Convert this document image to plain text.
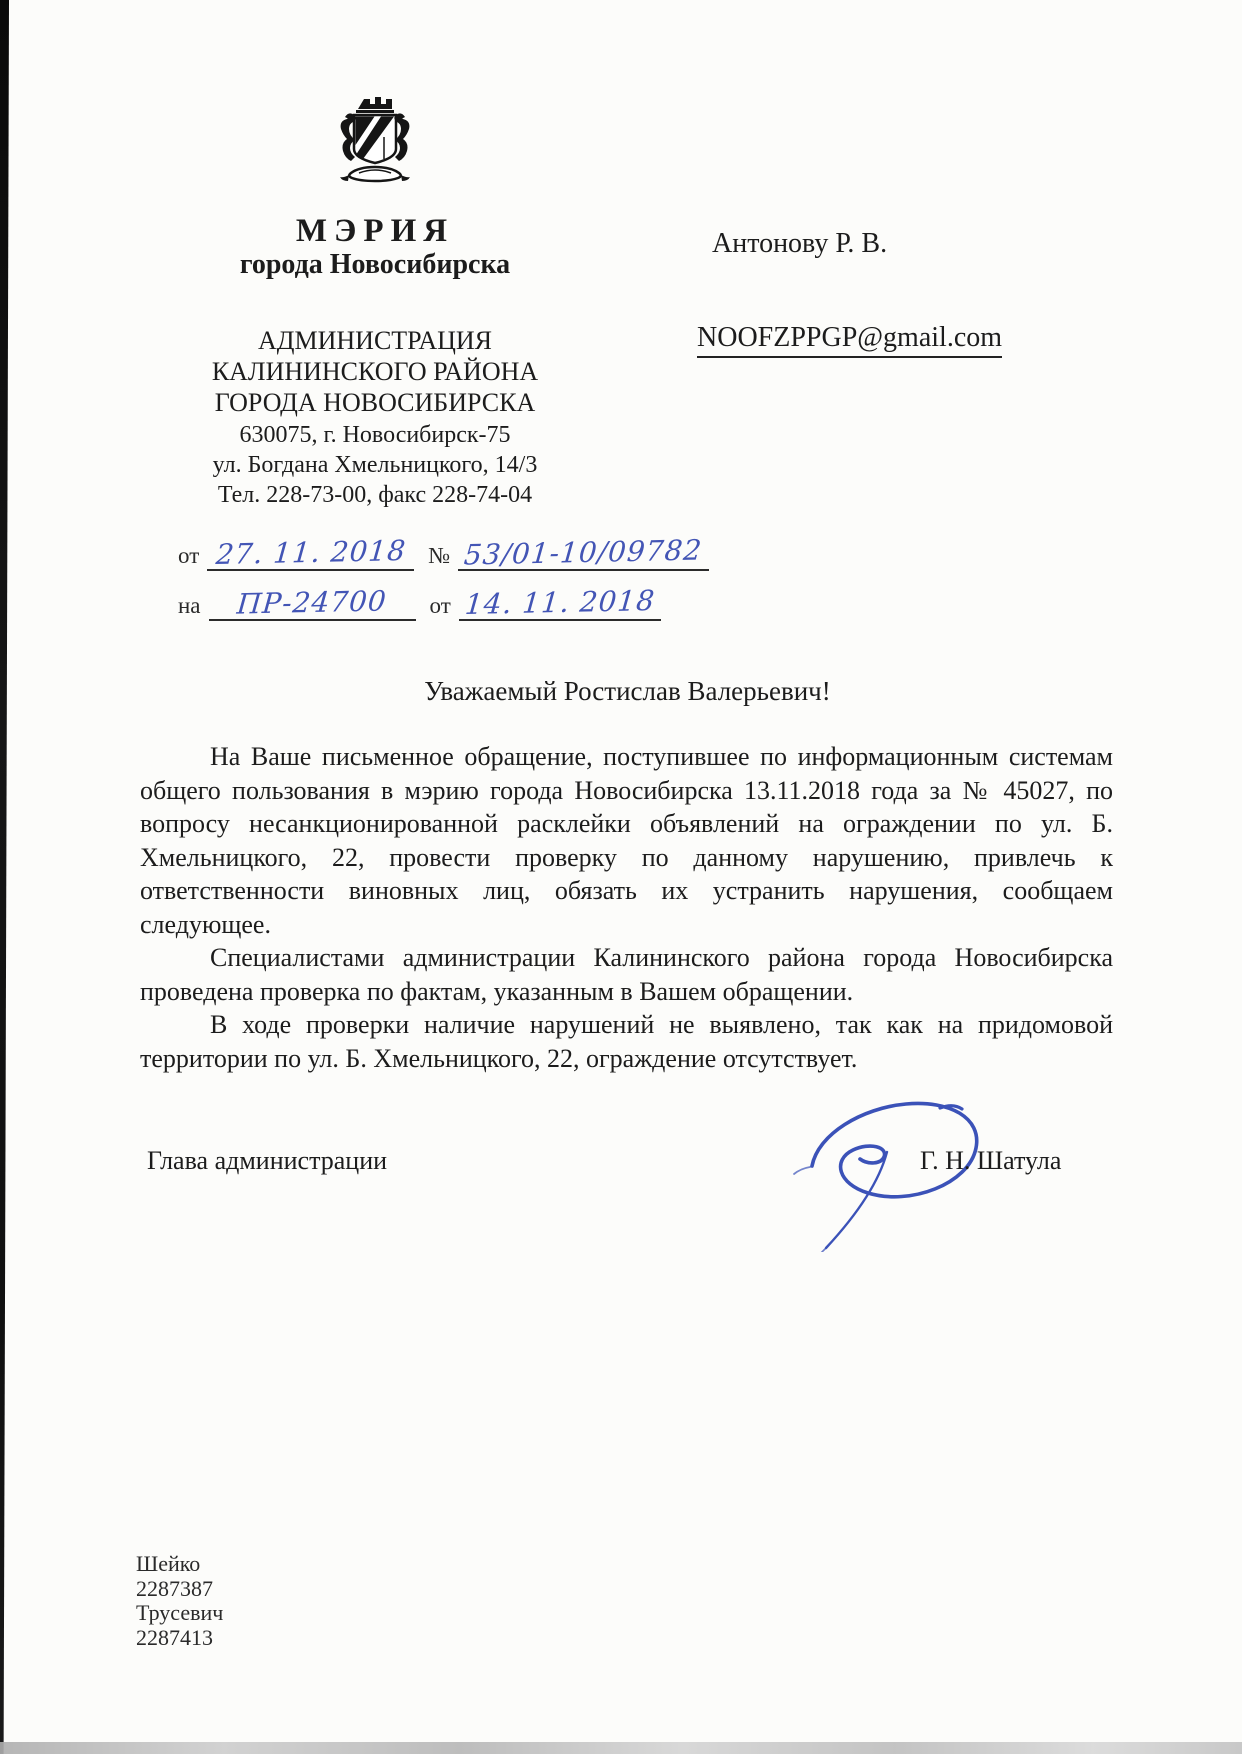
МЭРИЯ
города Новосибирска
АДМИНИСТРАЦИЯ
КАЛИНИНСКОГО РАЙОНА
ГОРОДА НОВОСИБИРСКА
630075, г. Новосибирск-75
ул. Богдана Хмельницкого, 14/3
Тел. 228-73-00, факс 228-74-04
от 27. 11. 2018 № 53/01-10/09782
на	ПР-24700	от 14. 11. 2018
Антонову Р. В.
NOOFZPPGP@gmail.com
Уважаемый Ростислав Валерьевич!

На Ваше письменное обращение, поступившее по информационным системам общего пользования в мэрию города Новосибирска 13.11.2018 года за № 45027, по вопросу несанкционированной расклейки объявлений на ограждении по ул. Б. Хмельницкого, 22, провести проверку по данному нарушению, привлечь к ответственности виновных лиц, обязать их устранить нарушения, сообщаем следующее.

Специалистами администрации Калининского района города Новосибирска проведена проверка по фактам, указанным в Вашем обращении.

В ходе проверки наличие нарушений не выявлено, так как на придомовой территории по ул. Б. Хмельницкого, 22, ограждение отсутствует.

Глава администрации	Г. Н. Шатула
Шейко
2287387
Трусевич
2287413
